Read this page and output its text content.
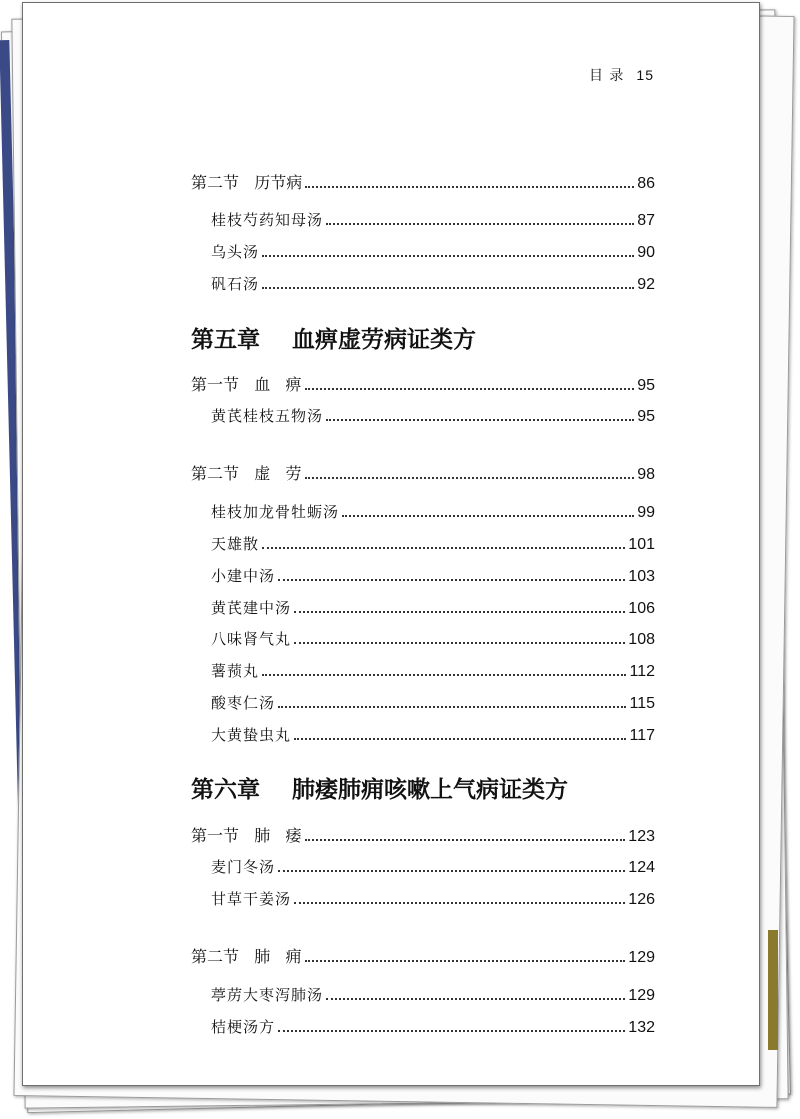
目 录 15
第二节   历节病	86
桂枝芍药知母汤	87
乌头汤	90
矾石汤	92
第五章    血痹虚劳病证类方
第一节   血   痹	95
黄芪桂枝五物汤	95
第二节   虚   劳	98
桂枝加龙骨牡蛎汤	99
天雄散	101
小建中汤	103
黄芪建中汤	106
八味肾气丸	108
薯蓣丸	112
酸枣仁汤	115
大黄蛰虫丸	117
第六章    肺痿肺痈咳嗽上气病证类方
第一节   肺   痿	123
麦门冬汤	124
甘草干姜汤	126
第二节   肺   痈	129
葶苈大枣泻肺汤	129
桔梗汤方	132
